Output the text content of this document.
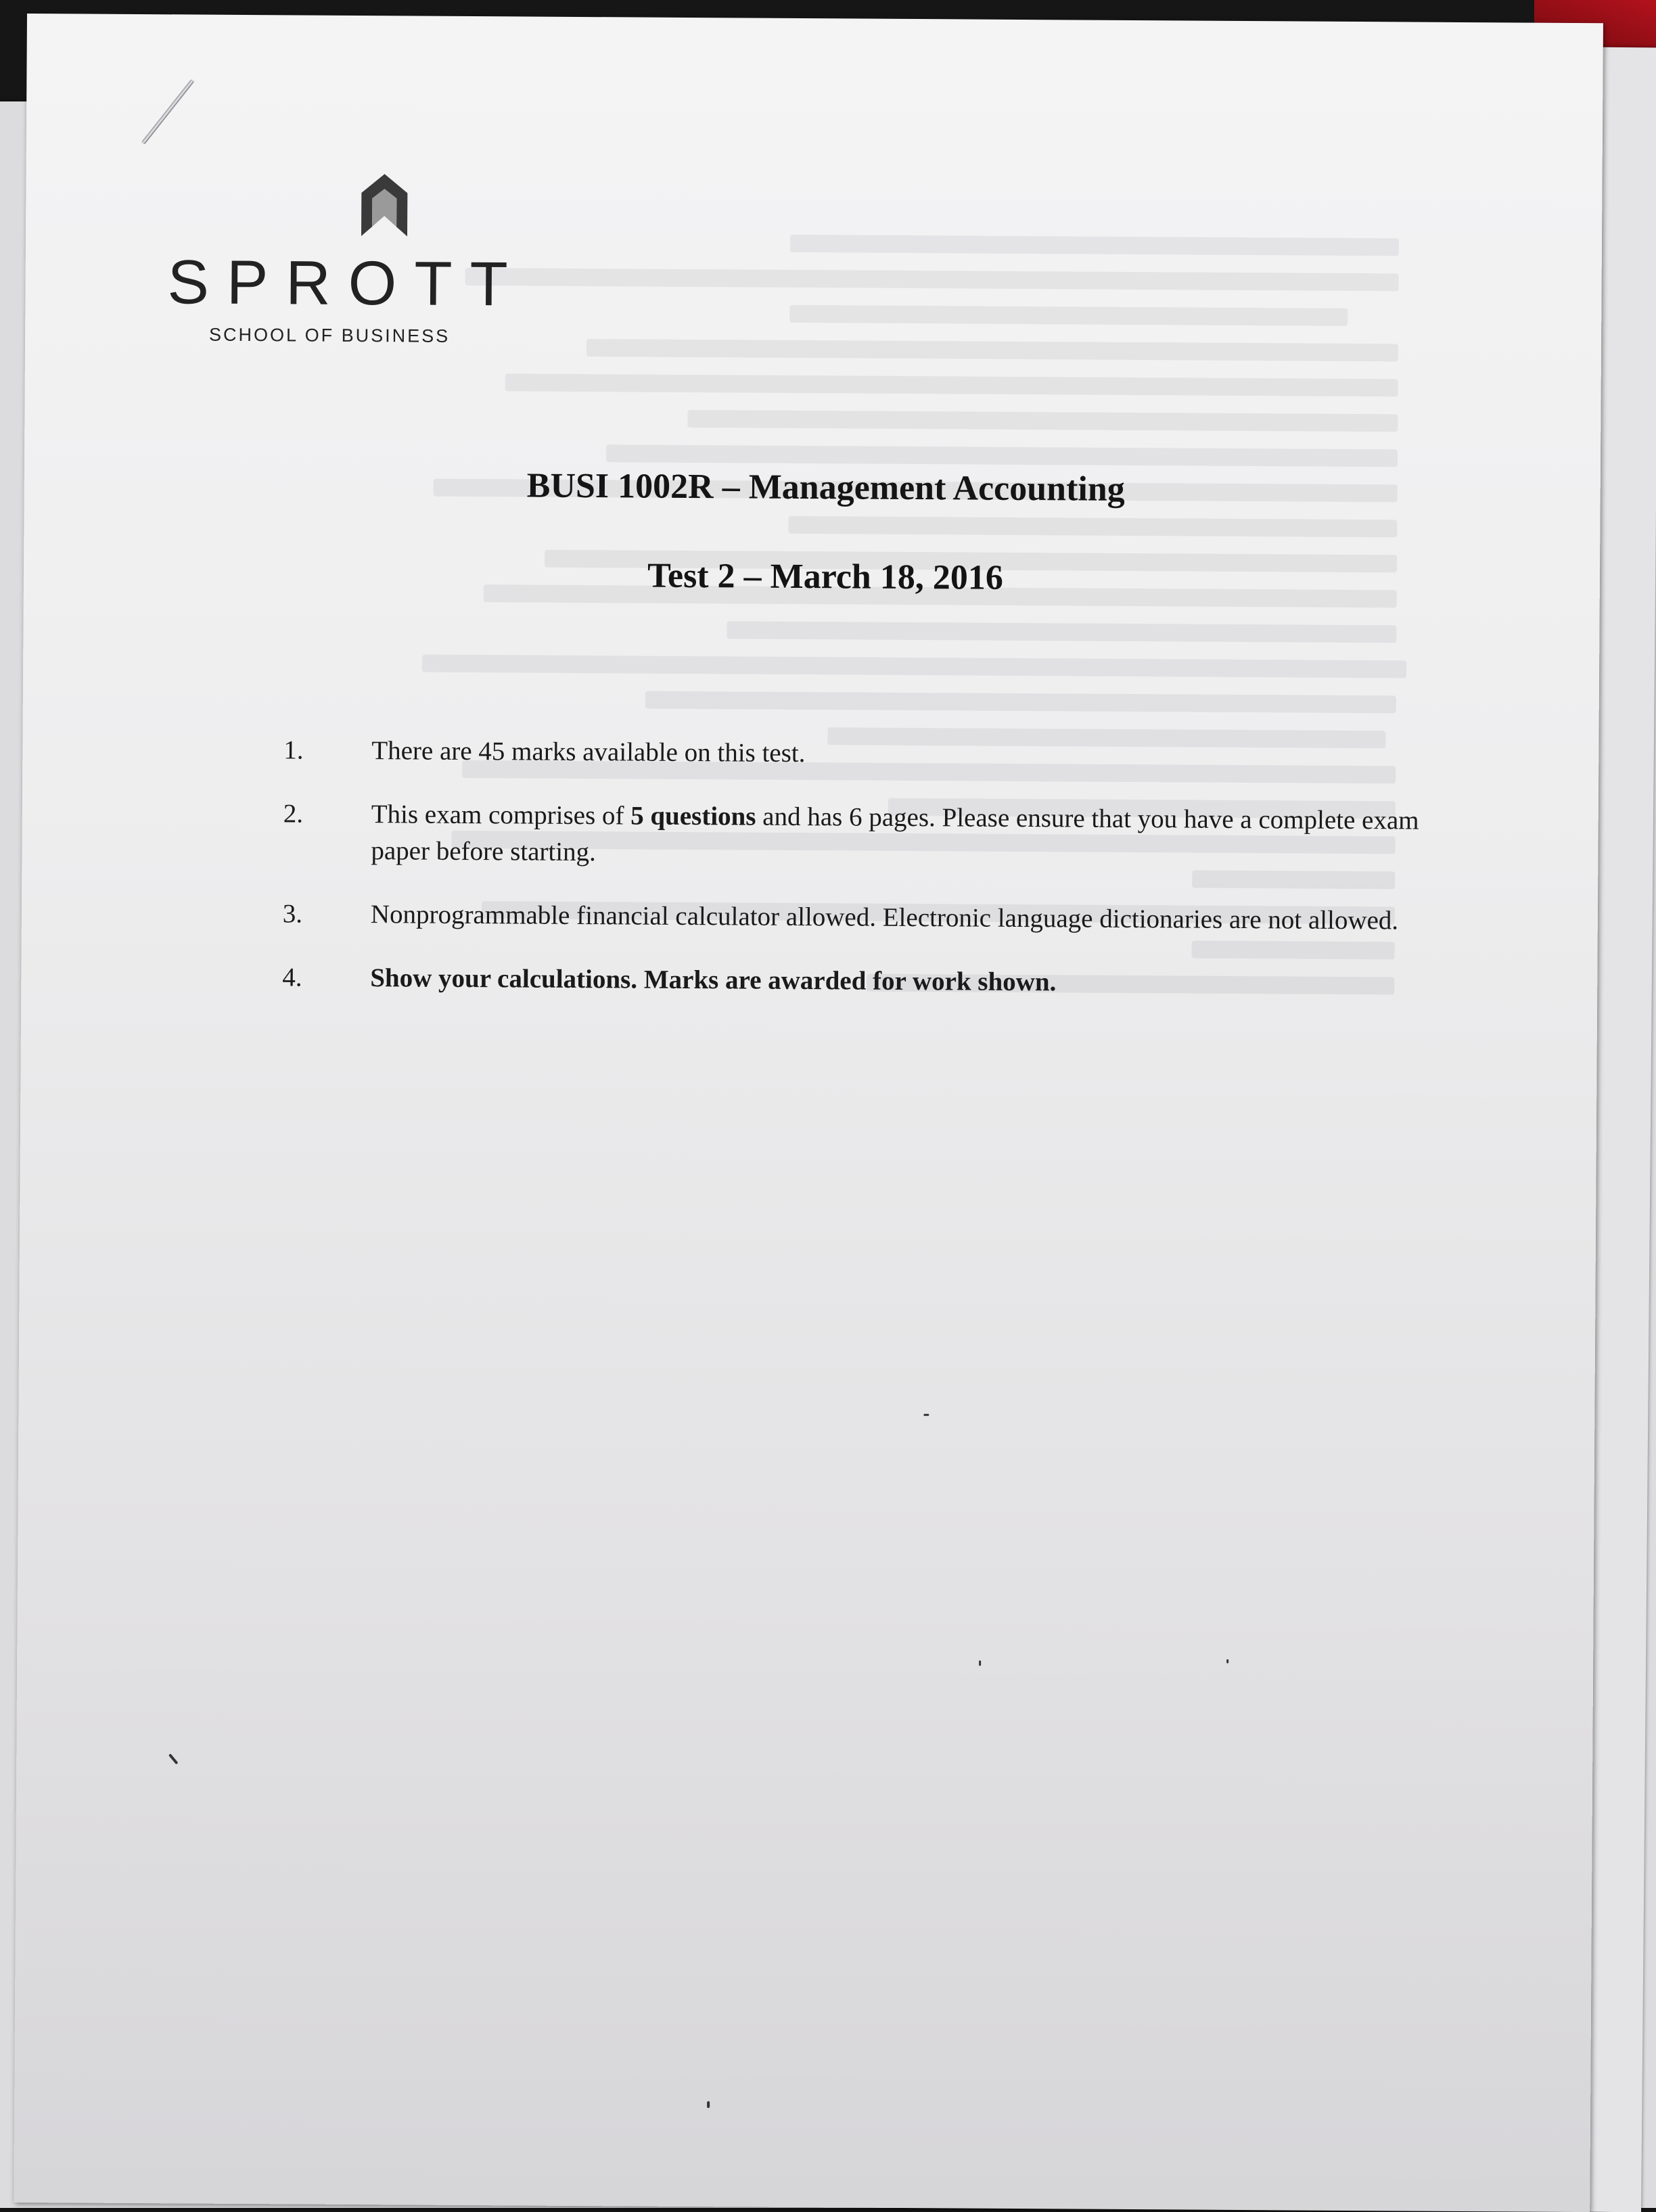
SPROTT
SCHOOL OF BUSINESS
BUSI 1002R – Management Accounting
Test 2 – March 18, 2016
1.	There are 45 marks available on this test.
2.	This exam comprises of 5 questions and has 6 pages. Please ensure that you have a complete exam paper before starting.
3.	Nonprogrammable financial calculator allowed. Electronic language dictionaries are not allowed.
4.	Show your calculations. Marks are awarded for work shown.
